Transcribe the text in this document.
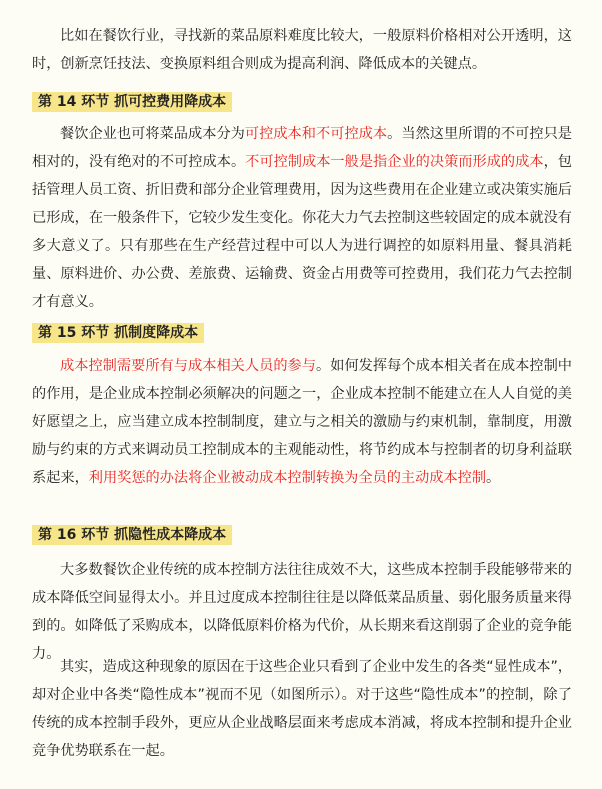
比如在餐饮行业，寻找新的菜品原料难度比较大，一般原料价格相对公开透明，这时，创新烹饪技法、变换原料组合则成为提高利润、降低成本的关键点。

第 14 环节 抓可控费用降成本

餐饮企业也可将菜品成本分为可控成本和不可控成本。当然这里所谓的不可控只是相对的，没有绝对的不可控成本。不可控制成本一般是指企业的决策而形成的成本，包括管理人员工资、折旧费和部分企业管理费用，因为这些费用在企业建立或决策实施后已形成，在一般条件下，它较少发生变化。你花大力气去控制这些较固定的成本就没有多大意义了。只有那些在生产经营过程中可以人为进行调控的如原料用量、餐具消耗量、原料进价、办公费、差旅费、运输费、资金占用费等可控费用，我们花力气去控制才有意义。

第 15 环节 抓制度降成本

成本控制需要所有与成本相关人员的参与。如何发挥每个成本相关者在成本控制中的作用，是企业成本控制必须解决的问题之一，企业成本控制不能建立在人人自觉的美好愿望之上，应当建立成本控制制度，建立与之相关的激励与约束机制，靠制度，用激励与约束的方式来调动员工控制成本的主观能动性，将节约成本与控制者的切身利益联系起来，利用奖惩的办法将企业被动成本控制转换为全员的主动成本控制。

第 16 环节 抓隐性成本降成本

大多数餐饮企业传统的成本控制方法往往成效不大，这些成本控制手段能够带来的成本降低空间显得太小。并且过度成本控制往往是以降低菜品质量、弱化服务质量来得到的。如降低了采购成本，以降低原料价格为代价，从长期来看这削弱了企业的竞争能力。

其实，造成这种现象的原因在于这些企业只看到了企业中发生的各类“显性成本”，却对企业中各类“隐性成本”视而不见（如图所示）。对于这些“隐性成本”的控制，除了传统的成本控制手段外，更应从企业战略层面来考虑成本消减，将成本控制和提升企业竞争优势联系在一起。
